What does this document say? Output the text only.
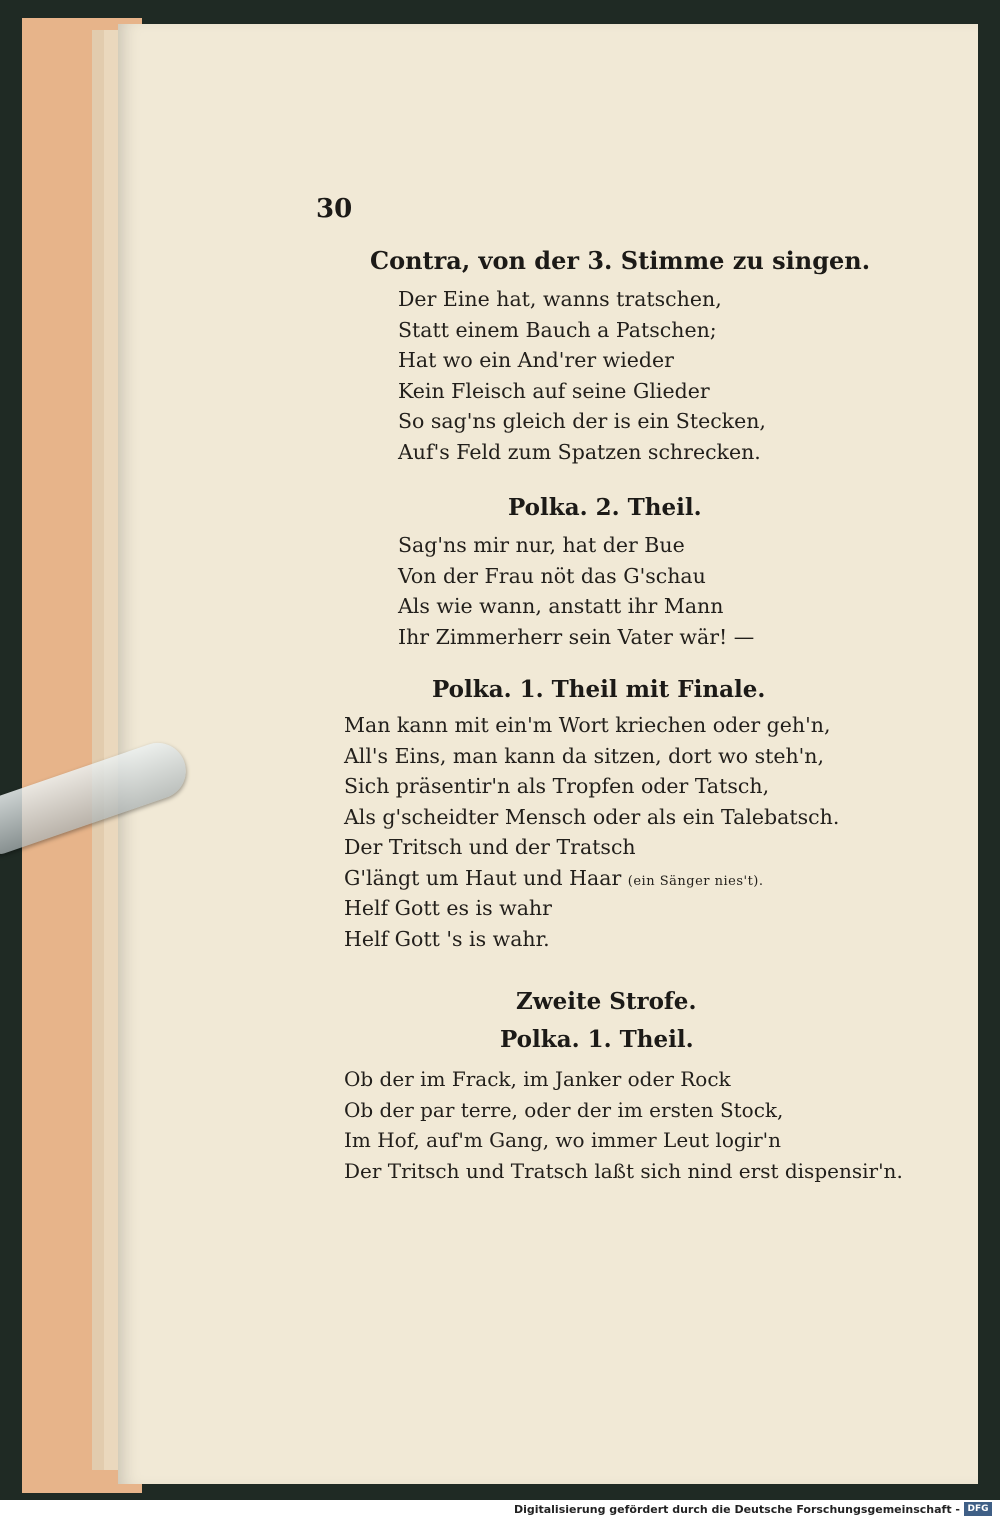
30
Contra, von der 3. Stimme zu singen.
Der Eine hat, wanns tratschen,
Statt einem Bauch a Patschen;
Hat wo ein And'rer wieder
Kein Fleisch auf seine Glieder
So sag'ns gleich der is ein Stecken,
Auf's Feld zum Spatzen schrecken.
Polka. 2. Theil.
Sag'ns mir nur, hat der Bue
Von der Frau nöt das G'schau
Als wie wann, anstatt ihr Mann
Ihr Zimmerherr sein Vater wär! —
Polka. 1. Theil mit Finale.
Man kann mit ein'm Wort kriechen oder geh'n,
All's Eins, man kann da sitzen, dort wo steh'n,
Sich präsentir'n als Tropfen oder Tatsch,
Als g'scheidter Mensch oder als ein Talebatsch.
Der Tritsch und der Tratsch
G'längt um Haut und Haar (ein Sänger nies't).
Helf Gott es is wahr
Helf Gott 's is wahr.
Zweite Strofe.
Polka. 1. Theil.
Ob der im Frack, im Janker oder Rock
Ob der par terre, oder der im ersten Stock,
Im Hof, auf'm Gang, wo immer Leut logir'n
Der Tritsch und Tratsch laßt sich nind erst dispensir'n.
Digitalisierung gefördert durch die Deutsche Forschungsgemeinschaft - DFG
